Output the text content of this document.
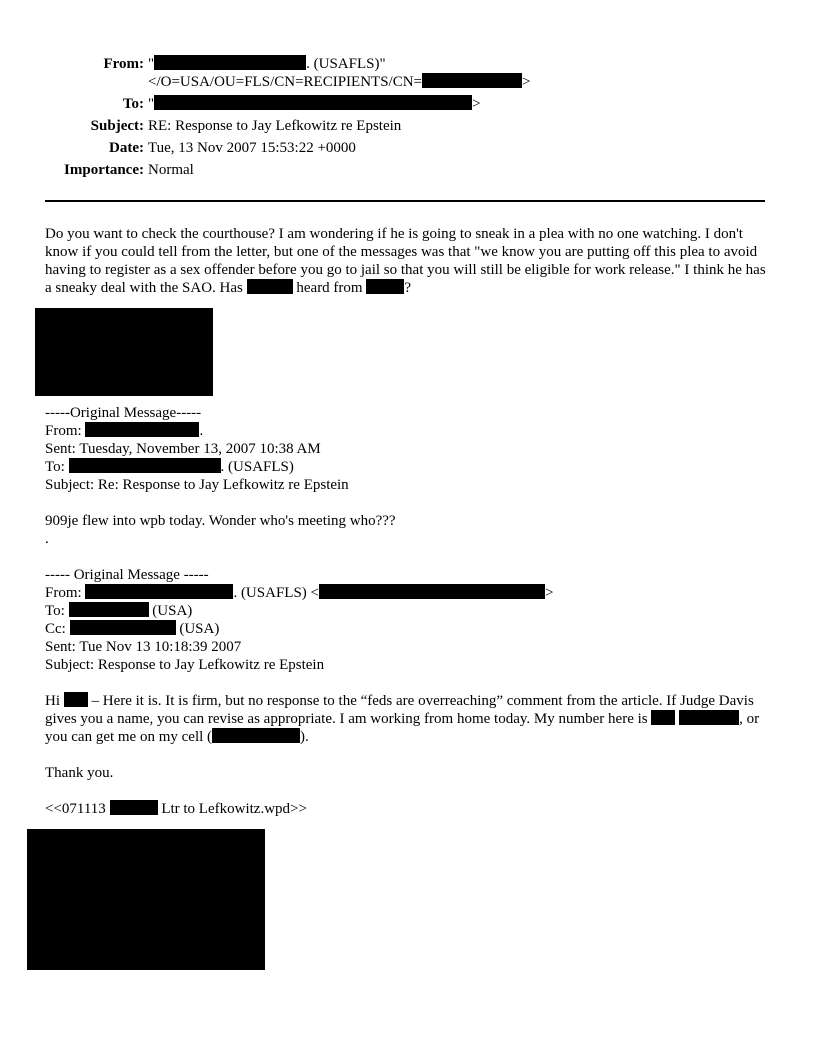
From: "	. (USAFLS)"
</O=USA/OU=FLS/CN=RECIPIENTS/CN=	>
To: "	>
Subject: RE: Response to Jay Lefkowitz re Epstein
Date: Tue, 13 Nov 2007 15:53:22 +0000
Importance: Normal
Do you want to check the courthouse? I am wondering if he is going to sneak in a plea with no one watching. I don't know if you could tell from the letter, but one of the messages was that "we know you are putting off this plea to avoid having to register as a sex offender before you go to jail so that you will still be eligible for work release." I think he has a sneaky deal with the SAO. Has	heard from	?
-----Original Message-----
From:	.
Sent: Tuesday, November 13, 2007 10:38 AM
To:	. (USAFLS)
Subject: Re: Response to Jay Lefkowitz re Epstein
909je flew into wpb today. Wonder who's meeting who???
.
----- Original Message -----
From:	. (USAFLS) <	>
To:	(USA)
Cc:	(USA)
Sent: Tue Nov 13 10:18:39 2007
Subject: Response to Jay Lefkowitz re Epstein
Hi  – Here it is. It is firm, but no response to the “feds are overreaching” comment from the article. If Judge Davis gives you a name, you can revise as appropriate. I am working from home today. My number here is	, or you can get me on my cell (	).
Thank you.
<<071113	Ltr to Lefkowitz.wpd>>
